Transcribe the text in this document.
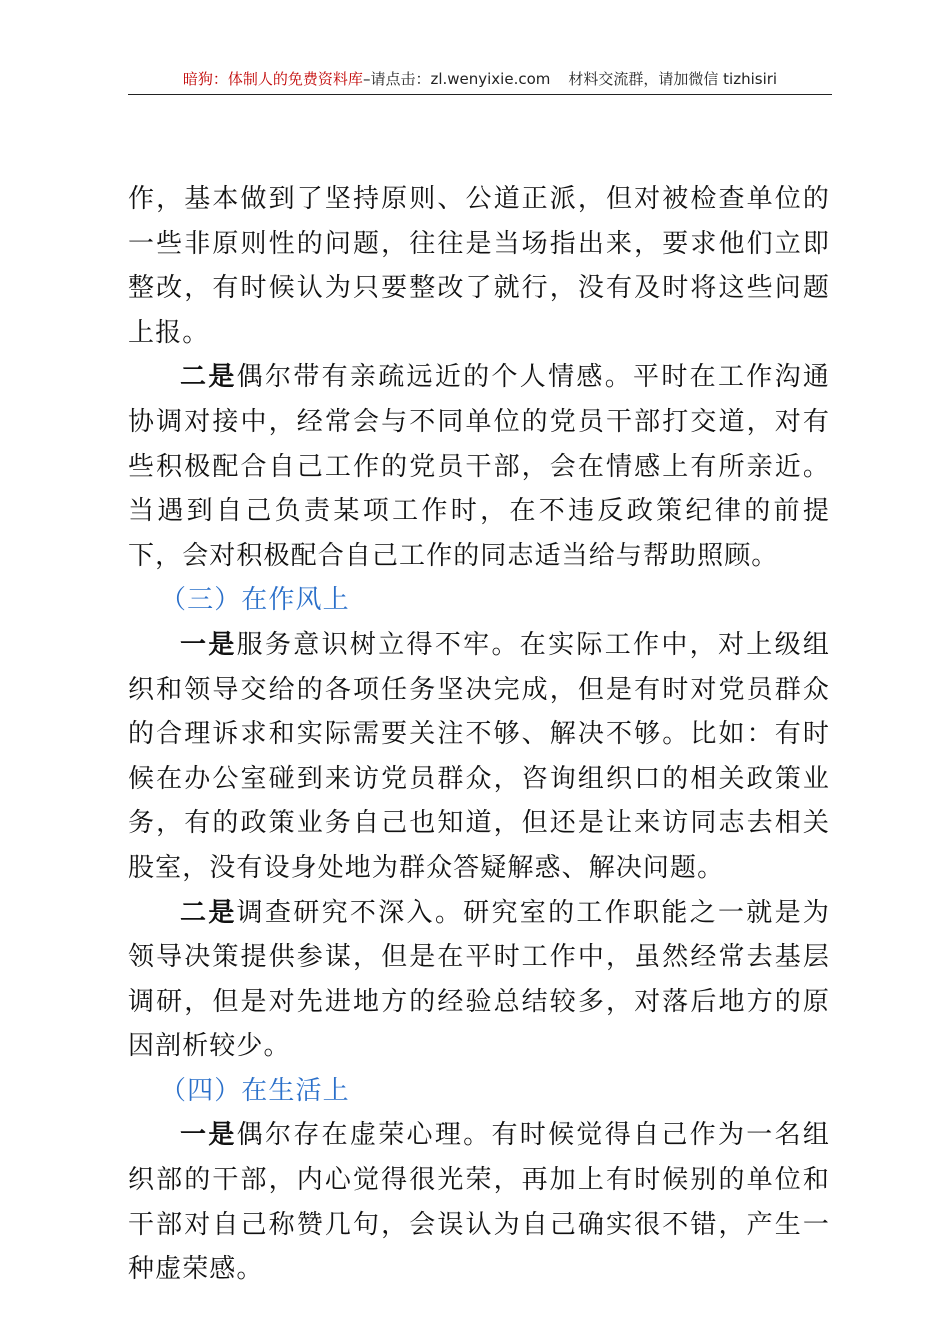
暗狗：体制人的免费资料库–请点击：zl.wenyixie.com 材料交流群，请加微信 tizhisiri

作，基本做到了坚持原则、公道正派，但对被检查单位的一些非原则性的问题，往往是当场指出来，要求他们立即整改，有时候认为只要整改了就行，没有及时将这些问题上报。

二是偶尔带有亲疏远近的个人情感。平时在工作沟通协调对接中，经常会与不同单位的党员干部打交道，对有些积极配合自己工作的党员干部，会在情感上有所亲近。当遇到自己负责某项工作时，在不违反政策纪律的前提下，会对积极配合自己工作的同志适当给与帮助照顾。

（三）在作风上

一是服务意识树立得不牢。在实际工作中，对上级组织和领导交给的各项任务坚决完成，但是有时对党员群众的合理诉求和实际需要关注不够、解决不够。比如：有时候在办公室碰到来访党员群众，咨询组织口的相关政策业务，有的政策业务自己也知道，但还是让来访同志去相关股室，没有设身处地为群众答疑解惑、解决问题。

二是调查研究不深入。研究室的工作职能之一就是为领导决策提供参谋，但是在平时工作中，虽然经常去基层调研，但是对先进地方的经验总结较多，对落后地方的原因剖析较少。

（四）在生活上

一是偶尔存在虚荣心理。有时候觉得自己作为一名组织部的干部，内心觉得很光荣，再加上有时候别的单位和干部对自己称赞几句，会误认为自己确实很不错，产生一种虚荣感。
